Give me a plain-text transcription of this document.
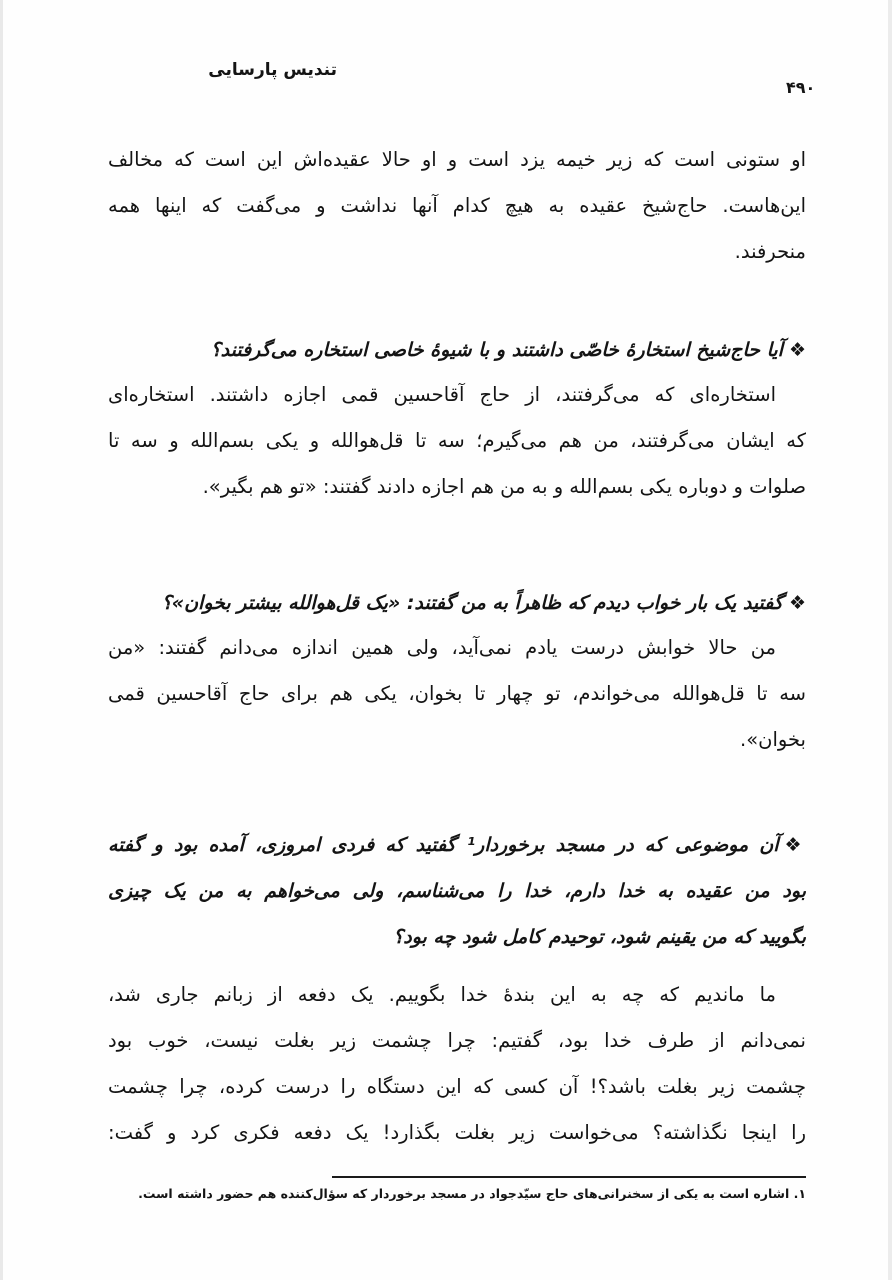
تندیس پارسایی
۴۹۰
او ستونی است که زیر خیمه یزد است و او حالا عقیده‌اش این است که مخالف
این‌هاست. حاج‌شیخ عقیده به هیچ کدام آنها نداشت و می‌گفت که اینها همه
منحرفند.
❖آیا حاج‌شیخ استخارهٔ خاصّی داشتند و با شیوهٔ خاصی استخاره می‌گرفتند؟
استخاره‌ای که می‌گرفتند، از حاج آقاحسین قمی اجازه داشتند. استخاره‌ای
که ایشان می‌گرفتند، من هم می‌گیرم؛ سه تا قل‌هوالله و یکی بسم‌الله و سه تا
صلوات و دوباره یکی بسم‌الله و به من هم اجازه دادند گفتند: «تو هم بگیر».
❖گفتید یک بار خواب دیدم که ظاهراً به من گفتند: «یک قل‌هوالله بیشتر بخوان»؟
من حالا خوابش درست یادم نمی‌آید، ولی همین اندازه می‌دانم گفتند: «من
سه تا قل‌هوالله می‌خواندم، تو چهار تا بخوان، یکی هم برای حاج آقاحسین قمی
بخوان».
❖آن موضوعی که در مسجد برخوردار¹ گفتید که فردی امروزی، آمده بود و گفته
بود من عقیده به خدا دارم، خدا را می‌شناسم، ولی می‌خواهم به من یک چیزی
بگویید که من یقینم شود، توحیدم کامل شود چه بود؟
ما ماندیم که چه به این بندهٔ خدا بگوییم. یک دفعه از زبانم جاری شد،
نمی‌دانم از طرف خدا بود، گفتیم: چرا چشمت زیر بغلت نیست، خوب بود
چشمت زیر بغلت باشد؟! آن کسی که این دستگاه را درست کرده، چرا چشمت
را اینجا نگذاشته؟ می‌خواست زیر بغلت بگذارد! یک دفعه فکری کرد و گفت:
۱. اشاره است به یکی از سخنرانی‌های حاج سیّدجواد در مسجد برخوردار که سؤال‌کننده هم حضور داشته است.
